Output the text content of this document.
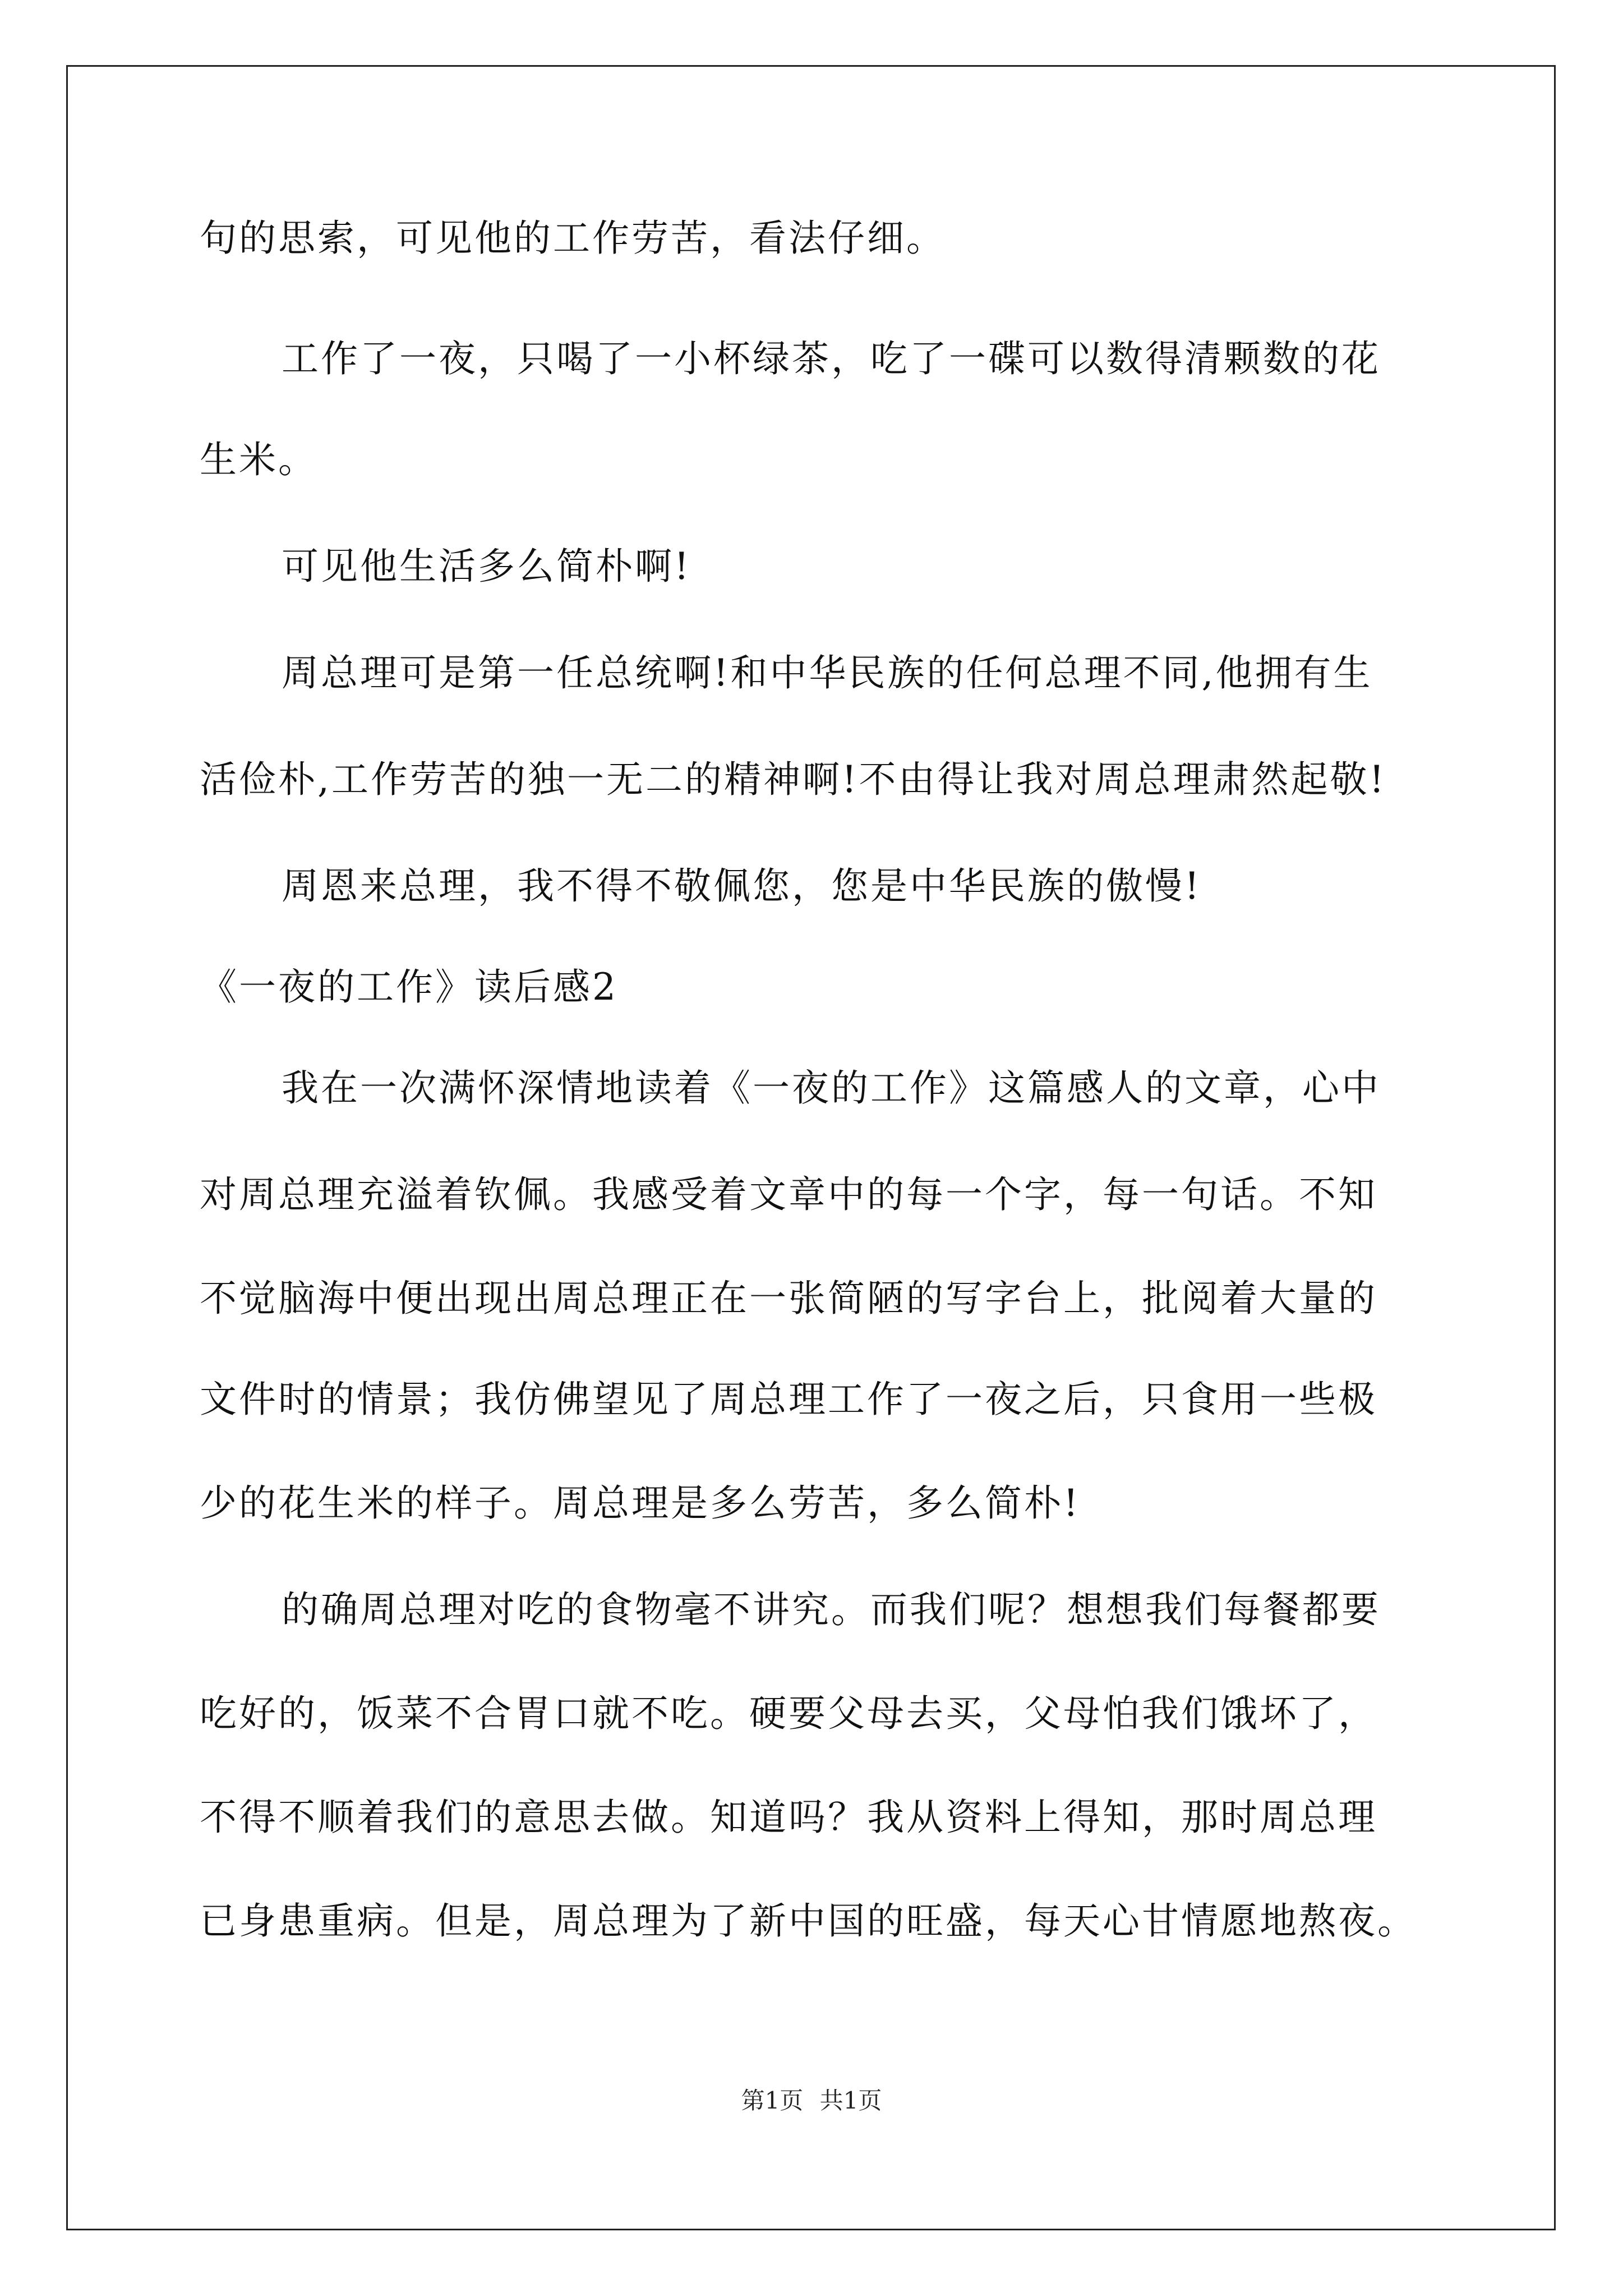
句的思索，可见他的工作劳苦，看法仔细。
工作了一夜，只喝了一小杯绿茶，吃了一碟可以数得清颗数的花
生米。
可见他生活多么简朴啊!
周总理可是第一任总统啊!和中华民族的任何总理不同,他拥有生
活俭朴,工作劳苦的独一无二的精神啊!不由得让我对周总理肃然起敬!
周恩来总理，我不得不敬佩您，您是中华民族的傲慢!
《一夜的工作》读后感2
我在一次满怀深情地读着《一夜的工作》这篇感人的文章，心中
对周总理充溢着钦佩。我感受着文章中的每一个字，每一句话。不知
不觉脑海中便出现出周总理正在一张简陋的写字台上，批阅着大量的
文件时的情景；我仿佛望见了周总理工作了一夜之后，只食用一些极
少的花生米的样子。周总理是多么劳苦，多么简朴!
的确周总理对吃的食物毫不讲究。而我们呢？想想我们每餐都要
吃好的，饭菜不合胃口就不吃。硬要父母去买，父母怕我们饿坏了，
不得不顺着我们的意思去做。知道吗？我从资料上得知，那时周总理
已身患重病。但是，周总理为了新中国的旺盛，每天心甘情愿地熬夜。
第1页 共1页
